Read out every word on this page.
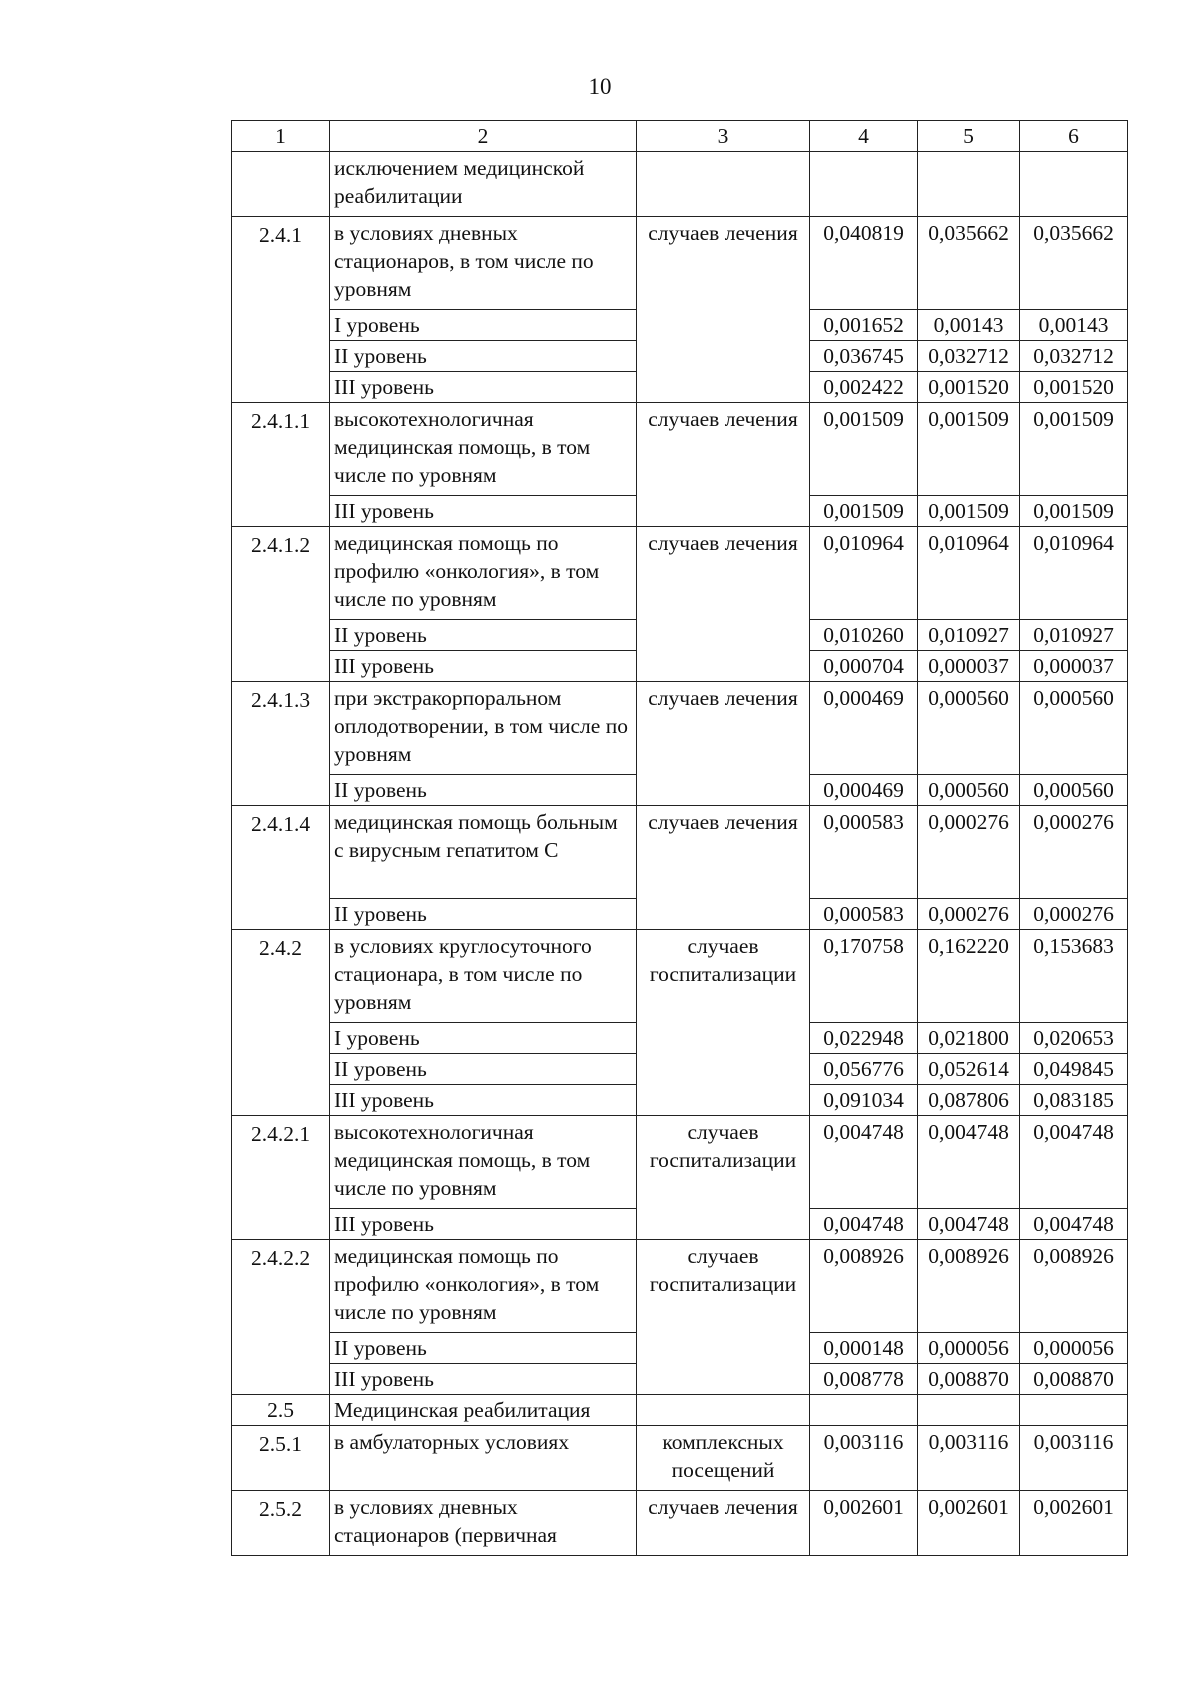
10
1	2	3	4	5	6
	исключением медицинской реабилитации				
2.4.1	в условиях дневных стационаров, в том числе по уровням	случаев лечения	0,040819	0,035662	0,035662
	I уровень		0,001652	0,00143	0,00143
	II уровень		0,036745	0,032712	0,032712
	III уровень		0,002422	0,001520	0,001520
2.4.1.1	высокотехнологичная медицинская помощь, в том числе по уровням	случаев лечения	0,001509	0,001509	0,001509
	III уровень		0,001509	0,001509	0,001509
2.4.1.2	медицинская помощь по профилю «онкология», в том числе по уровням	случаев лечения	0,010964	0,010964	0,010964
	II уровень		0,010260	0,010927	0,010927
	III уровень		0,000704	0,000037	0,000037
2.4.1.3	при экстракорпоральном оплодотворении, в том числе по уровням	случаев лечения	0,000469	0,000560	0,000560
	II уровень		0,000469	0,000560	0,000560
2.4.1.4	медицинская помощь больным с вирусным гепатитом С	случаев лечения	0,000583	0,000276	0,000276
	II уровень		0,000583	0,000276	0,000276
2.4.2	в условиях круглосуточного стационара, в том числе по уровням	случаев госпитализации	0,170758	0,162220	0,153683
	I уровень		0,022948	0,021800	0,020653
	II уровень		0,056776	0,052614	0,049845
	III уровень		0,091034	0,087806	0,083185
2.4.2.1	высокотехнологичная медицинская помощь, в том числе по уровням	случаев госпитализации	0,004748	0,004748	0,004748
	III уровень		0,004748	0,004748	0,004748
2.4.2.2	медицинская помощь по профилю «онкология», в том числе по уровням	случаев госпитализации	0,008926	0,008926	0,008926
	II уровень		0,000148	0,000056	0,000056
	III уровень		0,008778	0,008870	0,008870
2.5	Медицинская реабилитация				
2.5.1	в амбулаторных условиях	комплексных посещений	0,003116	0,003116	0,003116
2.5.2	в условиях дневных стационаров (первичная	случаев лечения	0,002601	0,002601	0,002601
